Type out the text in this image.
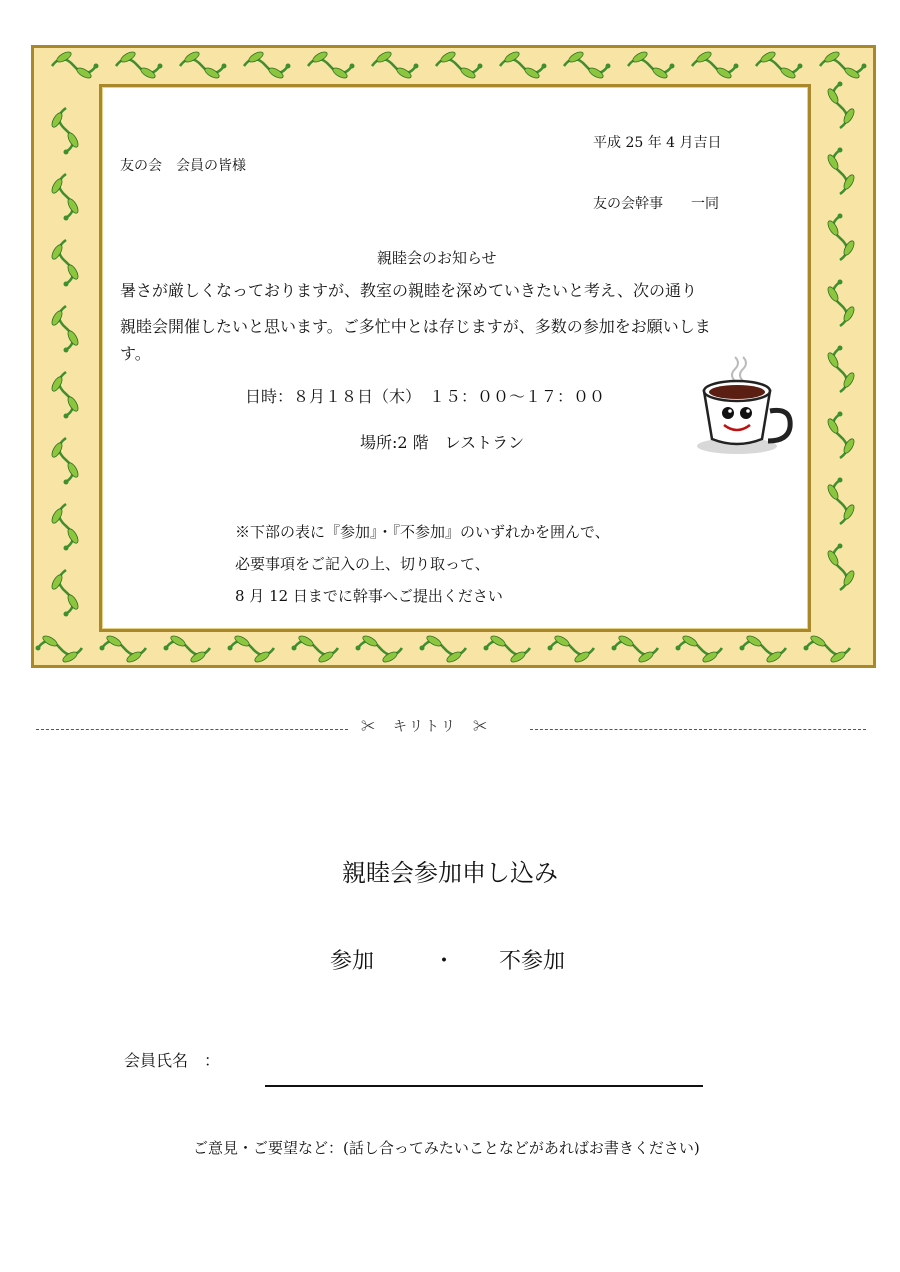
平成 25 年 4 月吉日
友の会　会員の皆様
友の会幹事　　一同
親睦会のお知らせ
暑さが厳しくなっておりますが、教室の親睦を深めていきたいと考え、次の通り
親睦会開催したいと思います。ご多忙中とは存じますが、多数の参加をお願いしま
す。
日時：８月１８日（木）　１５：００～１７：００
場所:2 階　レストラン
※下部の表に『参加』・『不参加』のいずれかを囲んで、
必要事項をご記入の上、切り取って、
8 月 12 日までに幹事へご提出ください
✂　キリトリ　✂
親睦会参加申し込み
参加	・ 不参加
会員氏名　：
ご意見・ご要望など：(話し合ってみたいことなどがあればお書きください)
